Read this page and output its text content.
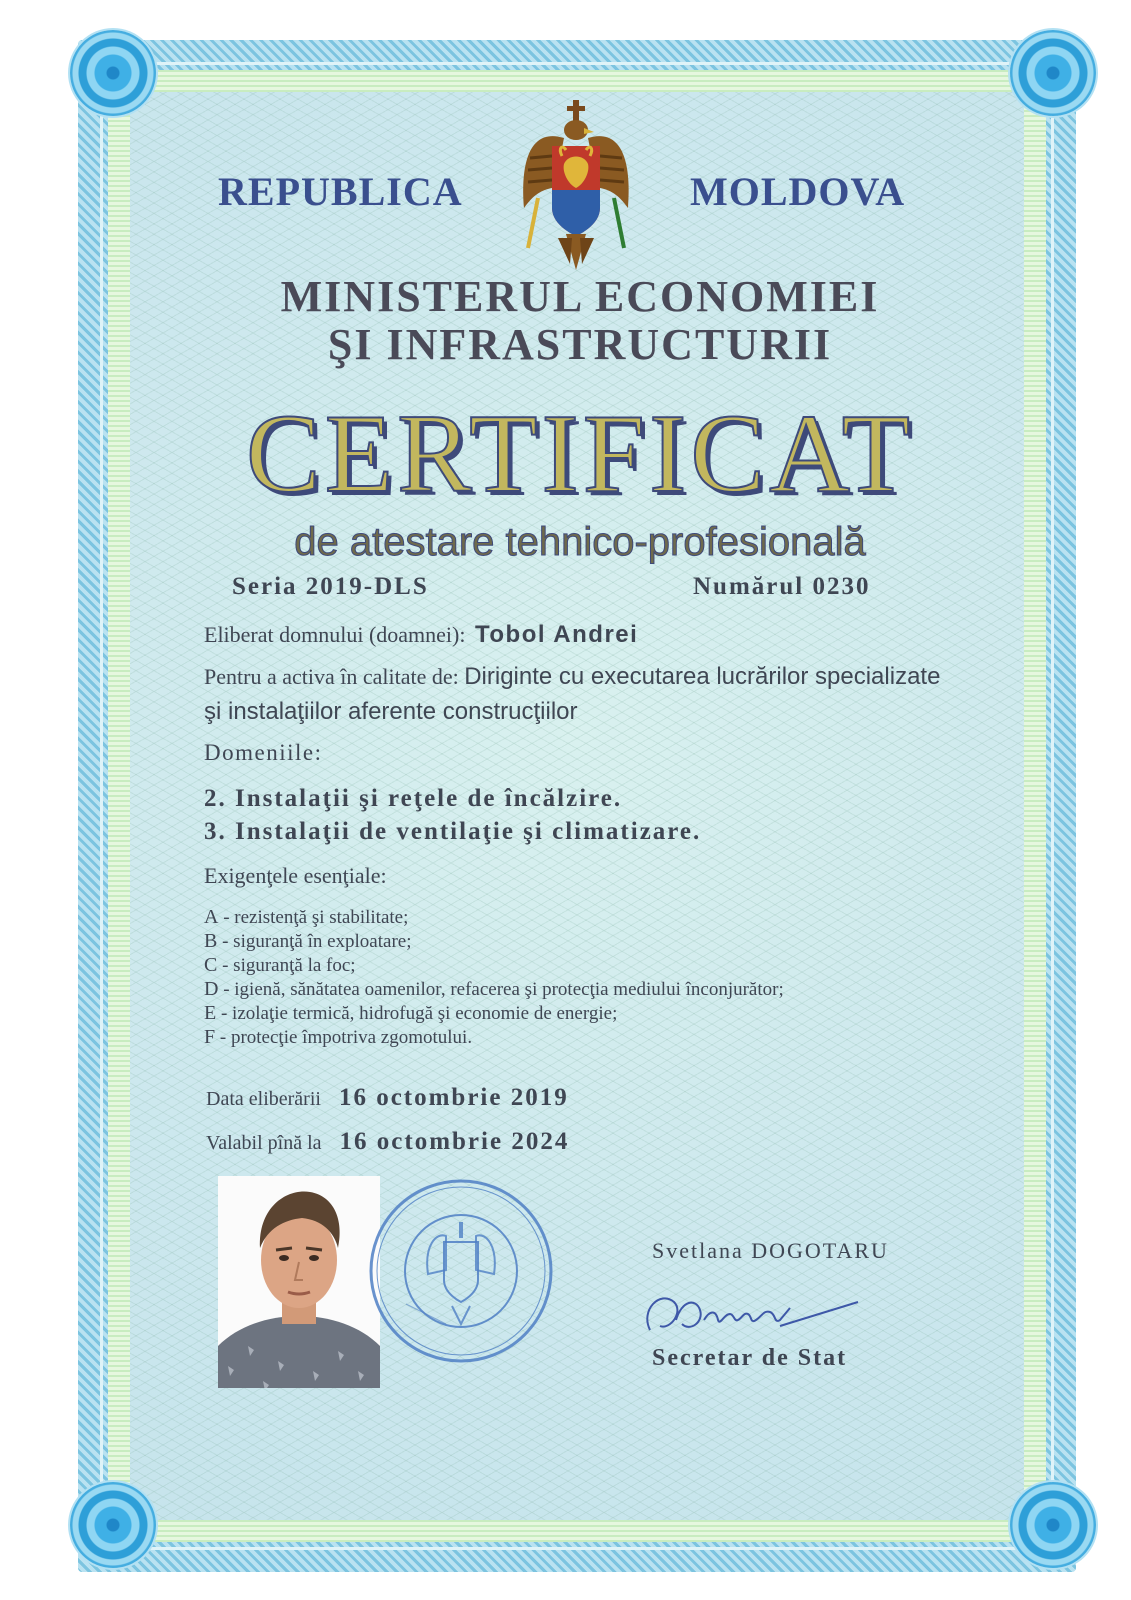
REPUBLICA	MOLDOVA
MINISTERUL ECONOMIEI
ŞI INFRASTRUCTURII
CERTIFICAT
de atestare tehnico-profesională
Seria 2019-DLS	Numărul 0230
Eliberat domnului (doamnei): Tobol Andrei
Pentru a activa în calitate de: Diriginte cu executarea lucrărilor specializate
şi instalaţiilor aferente construcţiilor
Domeniile:
2. Instalaţii şi reţele de încălzire.
3. Instalaţii de ventilaţie şi climatizare.
Exigenţele esenţiale:
A - rezistenţă şi stabilitate;
B - siguranţă în exploatare;
C - siguranţă la foc;
D - igienă, sănătatea oamenilor, refacerea şi protecţia mediului înconjurător;
E - izolaţie termică, hidrofugă şi economie de energie;
F - protecţie împotriva zgomotului.
Data eliberării 16 octombrie 2019
Valabil pînă la 16 octombrie 2024
Svetlana DOGOTARU
Secretar de Stat
